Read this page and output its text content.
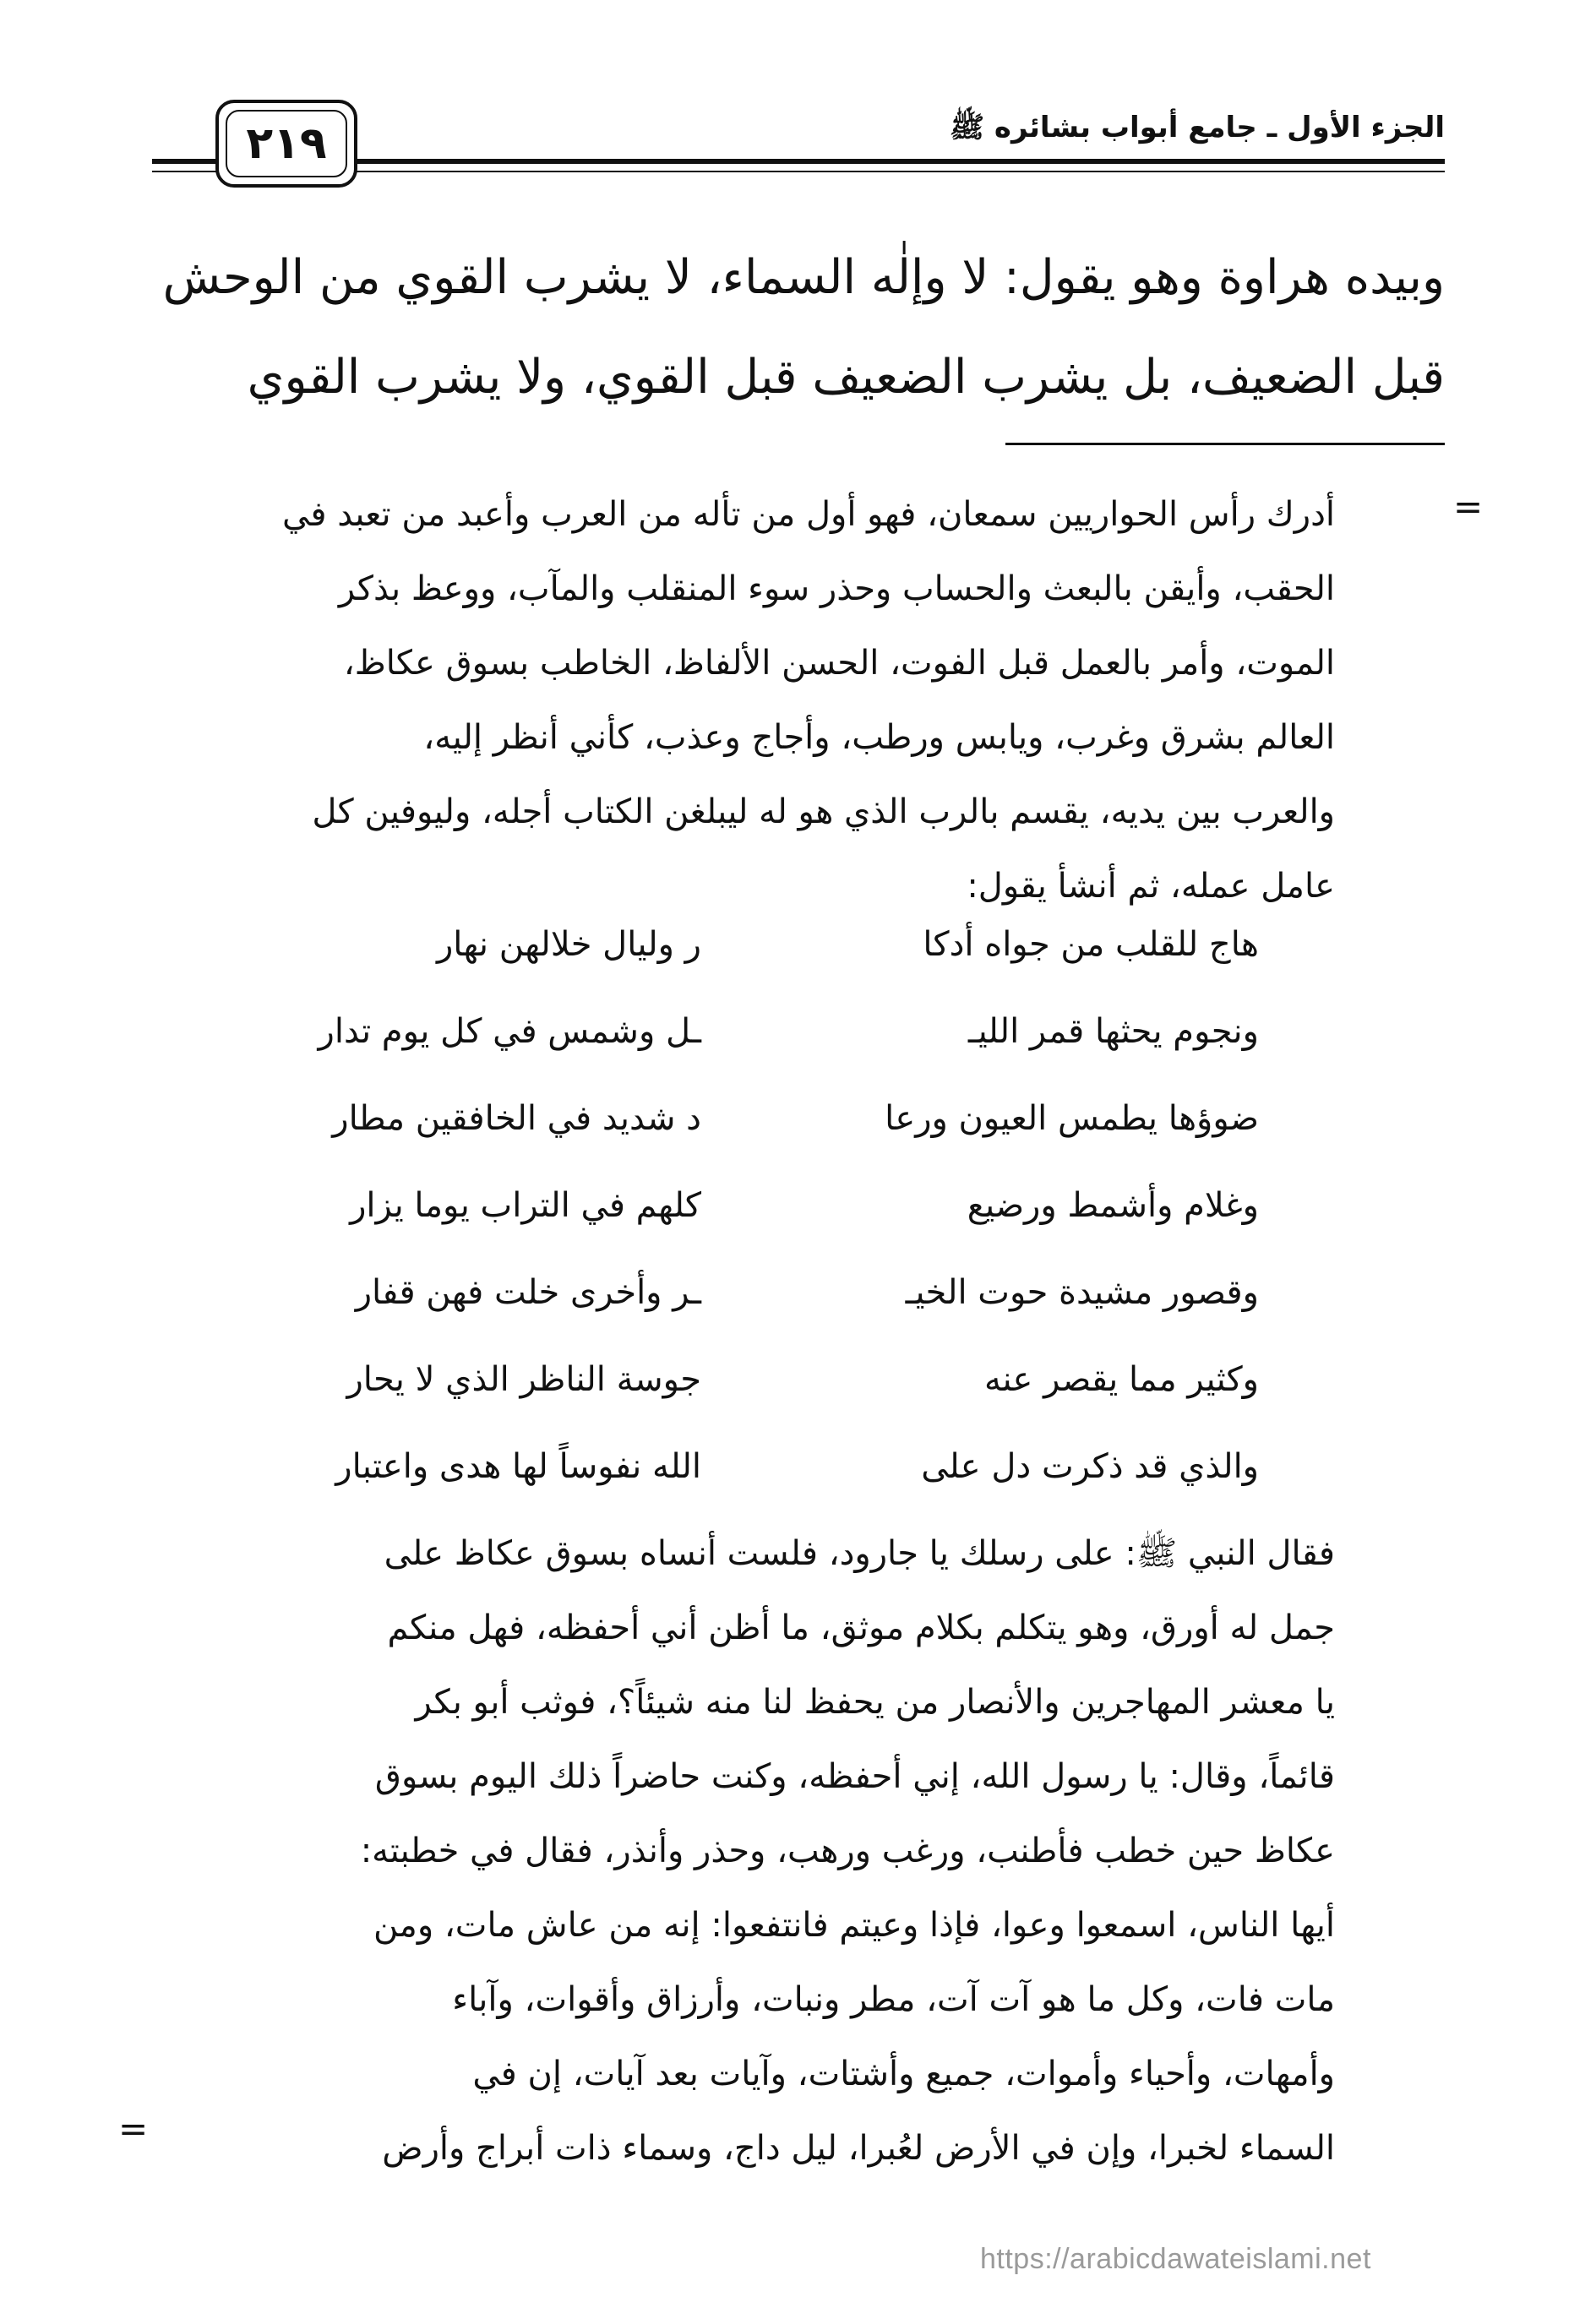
الجزء الأول ـ جامع أبواب بشائره ﷺ
٢١٩
وبيده هراوة وهو يقول: لا وإلٰه السماء، لا يشرب القوي من الوحش
قبل الضعيف، بل يشرب الضعيف قبل القوي، ولا يشرب القوي
=
أدرك رأس الحواريين سمعان، فهو أول من تأله من العرب وأعبد من تعبد في
الحقب، وأيقن بالبعث والحساب وحذر سوء المنقلب والمآب، ووعظ بذكر
الموت، وأمر بالعمل قبل الفوت، الحسن الألفاظ، الخاطب بسوق عكاظ،
العالم بشرق وغرب، ويابس ورطب، وأجاج وعذب، كأني أنظر إليه،
والعرب بين يديه، يقسم بالرب الذي هو له ليبلغن الكتاب أجله، وليوفين كل
عامل عمله، ثم أنشأ يقول:
هاج للقلب من جواه أدكا
ر وليال خلالهن نهار
ونجوم يحثها قمر الليـ
ـل وشمس في كل يوم تدار
ضوؤها يطمس العيون ورعا
د شديد في الخافقين مطار
وغلام وأشمط ورضيع
كلهم في التراب يوما يزار
وقصور مشيدة حوت الخيـ
ـر وأخرى خلت فهن قفار
وكثير مما يقصر عنه
جوسة الناظر الذي لا يحار
والذي قد ذكرت دل على
الله نفوساً لها هدى واعتبار
فقال النبي ﷺ: على رسلك يا جارود، فلست أنساه بسوق عكاظ على
جمل له أورق، وهو يتكلم بكلام موثق، ما أظن أني أحفظه، فهل منكم
يا معشر المهاجرين والأنصار من يحفظ لنا منه شيئاً؟، فوثب أبو بكر
قائماً، وقال: يا رسول الله، إني أحفظه، وكنت حاضراً ذلك اليوم بسوق
عكاظ حين خطب فأطنب، ورغب ورهب، وحذر وأنذر، فقال في خطبته:
أيها الناس، اسمعوا وعوا، فإذا وعيتم فانتفعوا: إنه من عاش مات، ومن
مات فات، وكل ما هو آت آت، مطر ونبات، وأرزاق وأقوات، وآباء
وأمهات، وأحياء وأموات، جميع وأشتات، وآيات بعد آيات، إن في
السماء لخبرا، وإن في الأرض لعُبرا، ليل داج، وسماء ذات أبراج وأرض
=
https://arabicdawateislami.net
